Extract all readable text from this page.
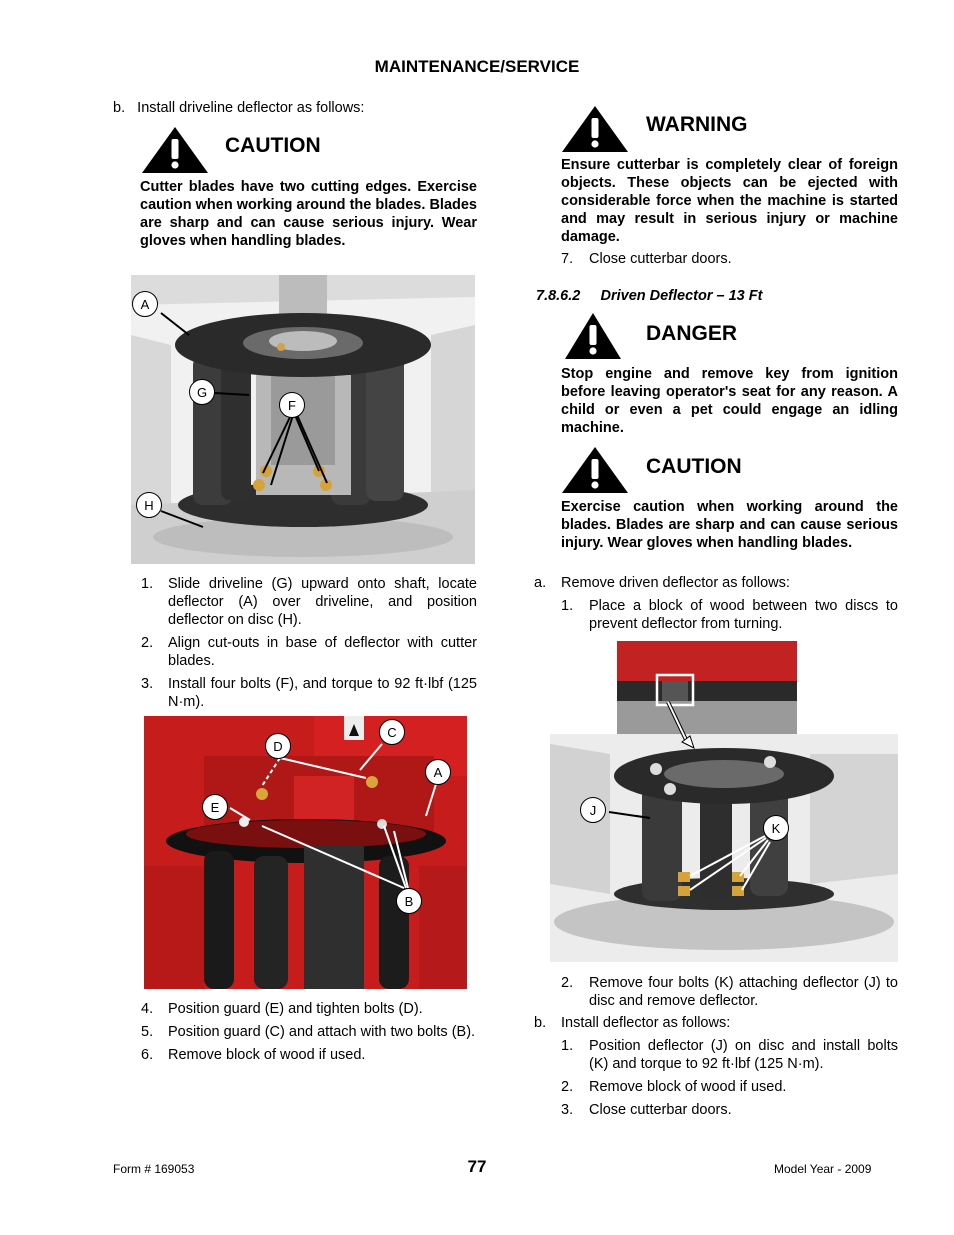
MAINTENANCE/SERVICE
b.   Install driveline deflector as follows:
CAUTION
Cutter blades have two cutting edges. Exercise caution when working around the blades. Blades are sharp and can cause serious injury. Wear gloves when handling blades.
A
G
F
H
1. Slide driveline (G) upward onto shaft, locate deflector (A) over driveline, and position deflector on disc (H).
2. Align cut-outs in base of deflector with cutter blades.
3. Install four bolts (F), and torque to 92 ft·lbf (125 N·m).
D
C
A
E
B
4. Position guard (E) and tighten bolts (D).
5. Position guard (C) and attach with two bolts (B).
6. Remove block of wood if used.
WARNING
Ensure cutterbar is completely clear of foreign objects. These objects can be ejected with considerable force when the machine is started and may result in serious injury or machine damage.
7. Close cutterbar doors.
7.8.6.2     Driven Deflector – 13 Ft
DANGER
Stop engine and remove key from ignition before leaving operator's seat for any reason. A child or even a pet could engage an idling machine.
CAUTION
Exercise caution when working around the blades. Blades are sharp and can cause serious injury. Wear gloves when handling blades.
a. Remove driven deflector as follows:
1. Place a block of wood between two discs to prevent deflector from turning.
J
K
2. Remove four bolts (K) attaching deflector (J) to disc and remove deflector.
b. Install deflector as follows:
1. Position deflector (J) on disc and install bolts (K) and torque to 92 ft·lbf (125 N·m).
2. Remove block of wood if used.
3. Close cutterbar doors.
Form # 169053	77	Model Year - 2009
